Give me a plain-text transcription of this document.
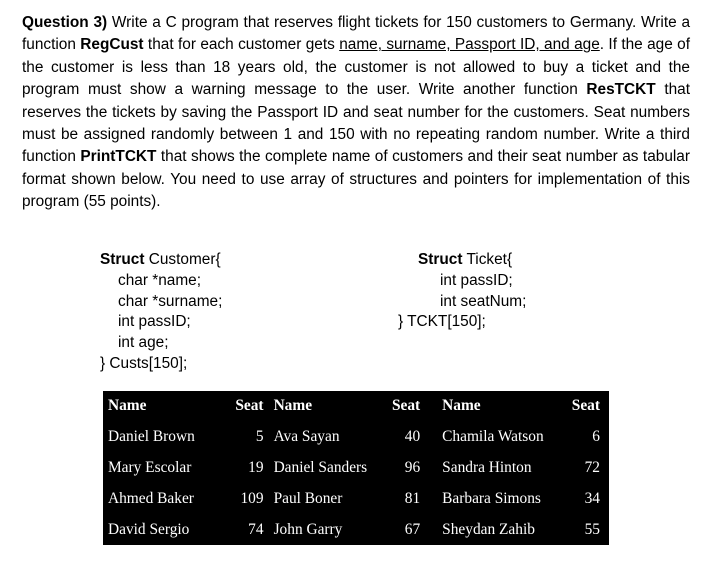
Question 3) Write a C program that reserves flight tickets for 150 customers to Germany. Write a function RegCust that for each customer gets name, surname, Passport ID, and age. If the age of the customer is less than 18 years old, the customer is not allowed to buy a ticket and the program must show a warning message to the user. Write another function ResTCKT that reserves the tickets by saving the Passport ID and seat number for the customers. Seat numbers must be assigned randomly between 1 and 150 with no repeating random number. Write a third function PrintTCKT that shows the complete name of customers and their seat number as tabular format shown below. You need to use array of structures and pointers for implementation of this program (55 points).
Struct Customer{
char *name;
char *surname;
int passID;
int age;
} Custs[150];
Struct Ticket{
int passID;
int seatNum;
} TCKT[150];
Name	Seat	Name	Seat	Name	Seat
Daniel Brown	5	Ava Sayan	40	Chamila Watson	6
Mary Escolar	19	Daniel Sanders	96	Sandra Hinton	72
Ahmed Baker	109	Paul Boner	81	Barbara Simons	34
David Sergio	74	John Garry	67	Sheydan Zahib	55
